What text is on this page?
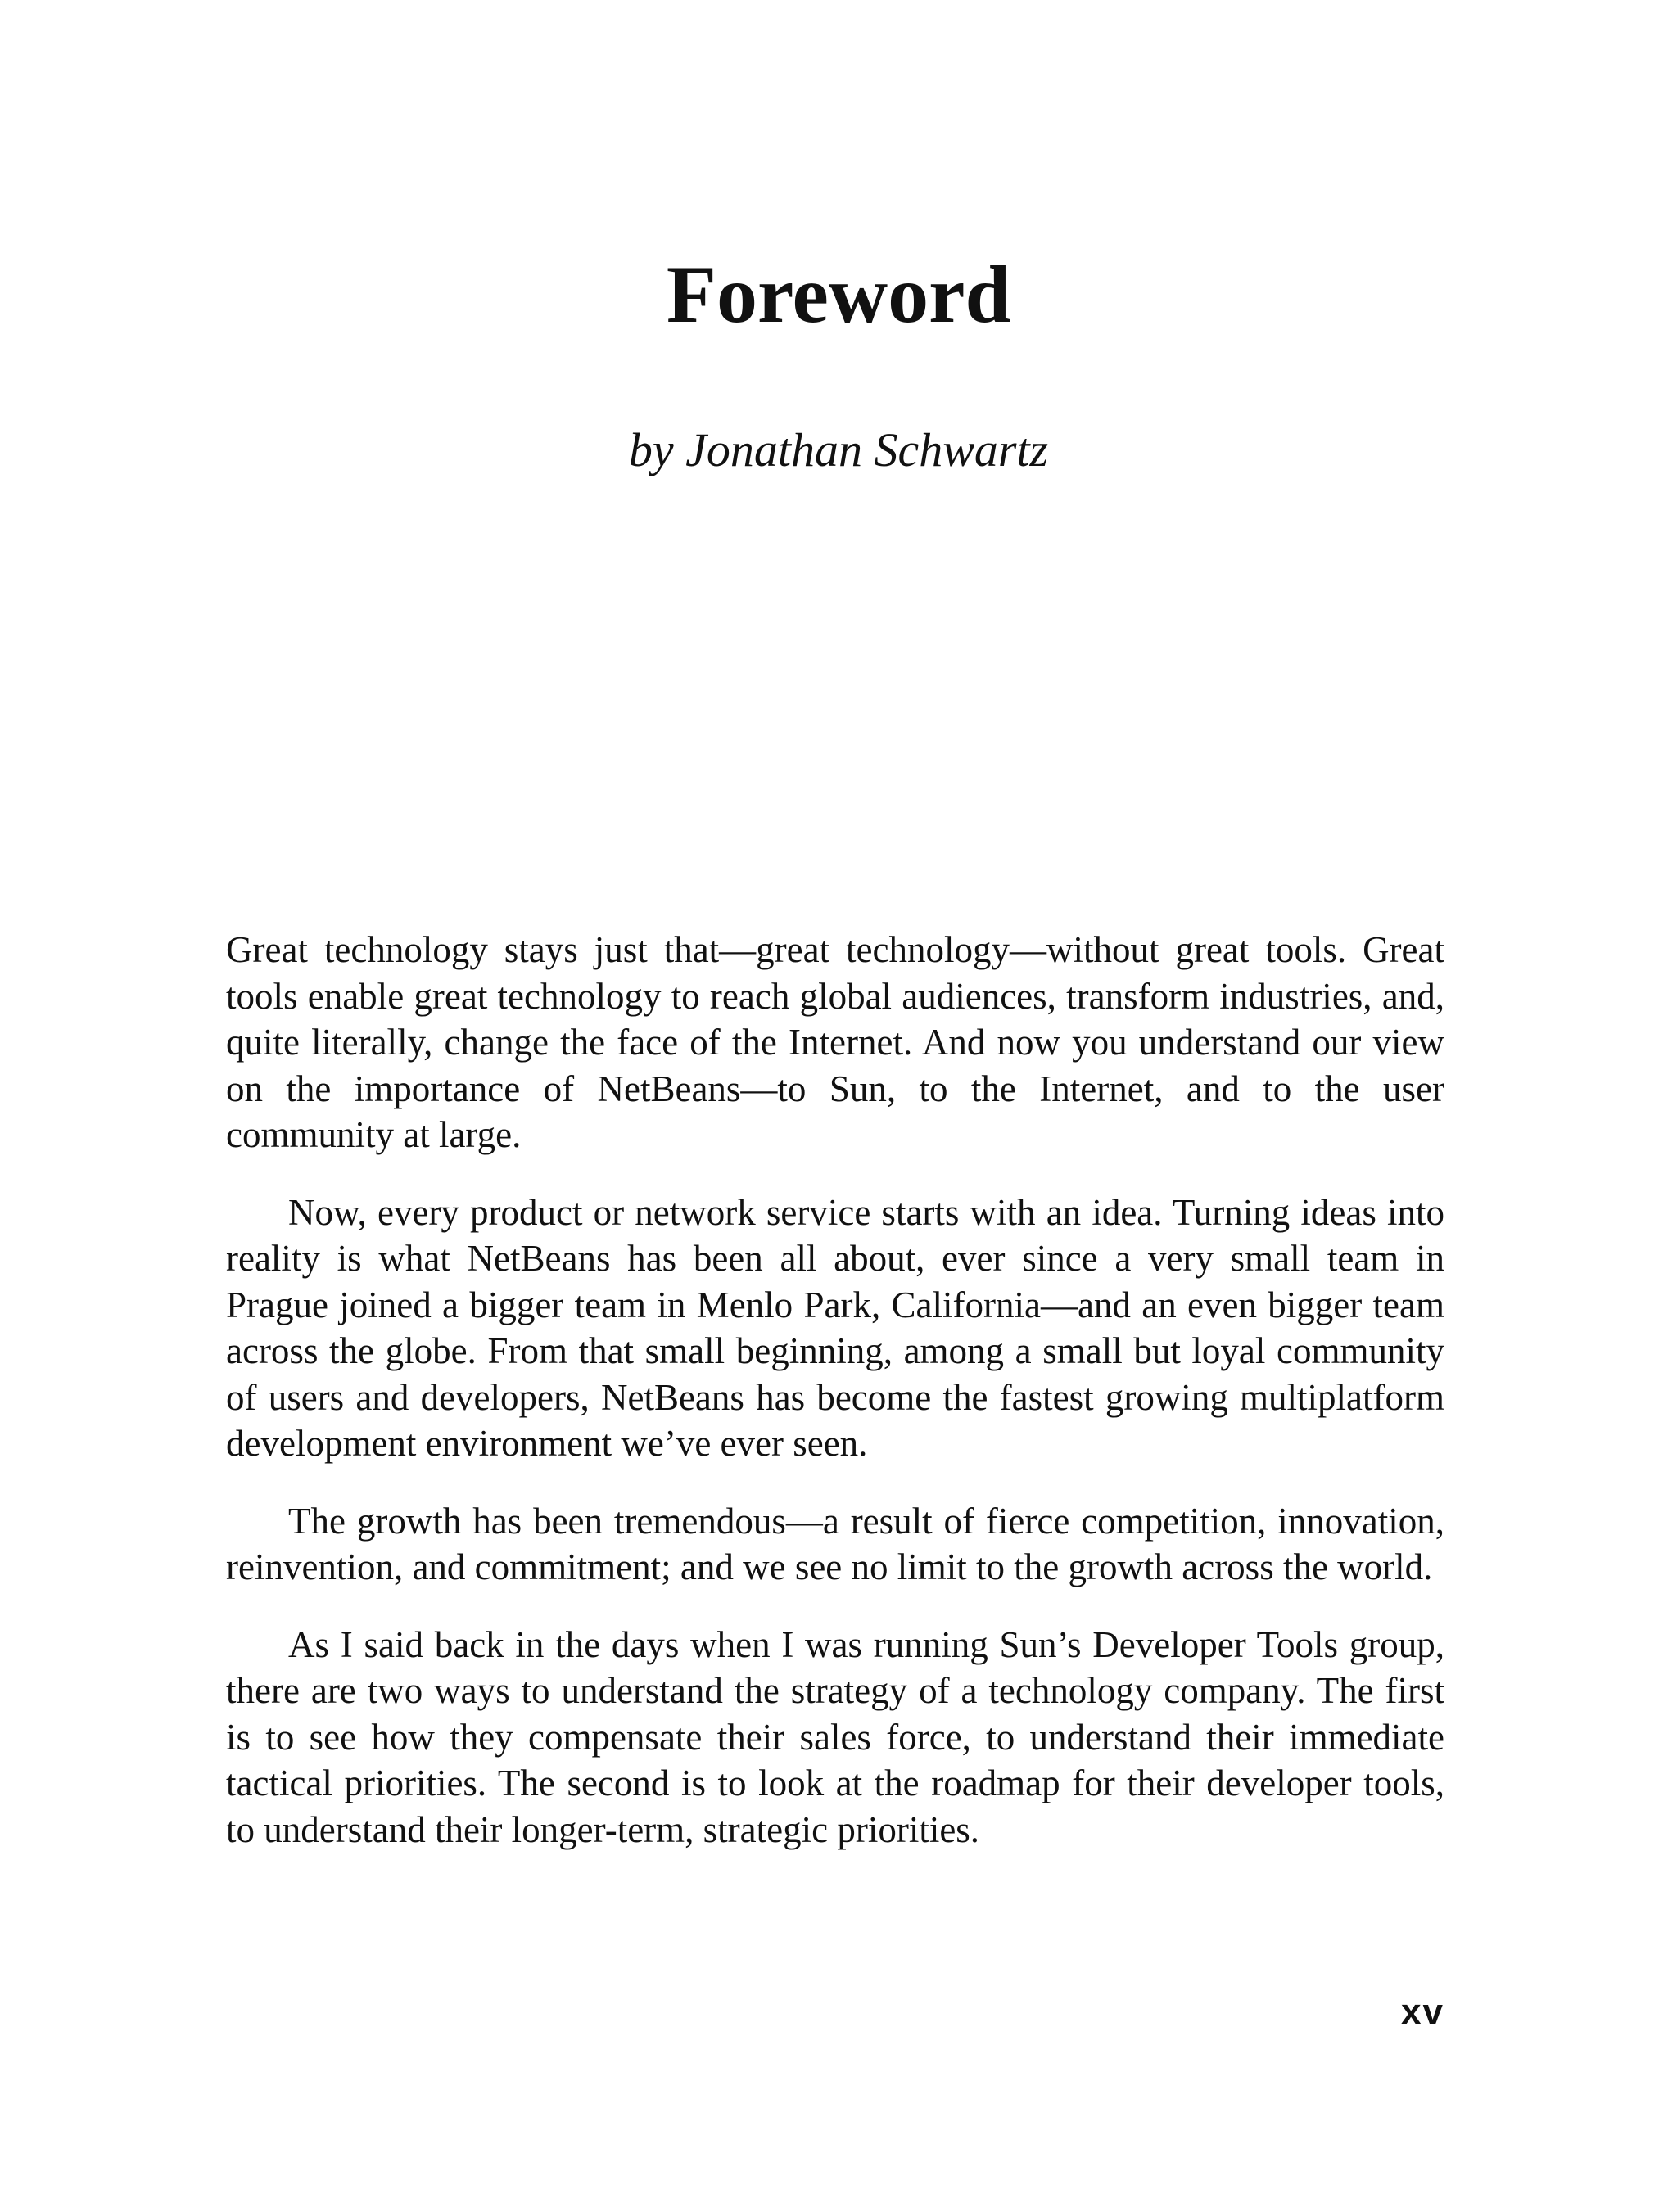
Foreword

by Jonathan Schwartz

Great technology stays just that—great technology—without great tools. Great tools enable great technology to reach global audiences, transform industries, and, quite literally, change the face of the Internet. And now you understand our view on the importance of NetBeans—to Sun, to the Internet, and to the user community at large.

Now, every product or network service starts with an idea. Turning ideas into reality is what NetBeans has been all about, ever since a very small team in Prague joined a bigger team in Menlo Park, California—and an even bigger team across the globe. From that small beginning, among a small but loyal community of users and developers, NetBeans has become the fastest growing multiplatform development environment we’ve ever seen.

The growth has been tremendous—a result of fierce competition, innovation, reinvention, and commitment; and we see no limit to the growth across the world.

As I said back in the days when I was running Sun’s Developer Tools group, there are two ways to understand the strategy of a technology company. The first is to see how they compensate their sales force, to understand their immediate tactical priorities. The second is to look at the roadmap for their developer tools, to understand their longer-term, strategic priorities.

xv
